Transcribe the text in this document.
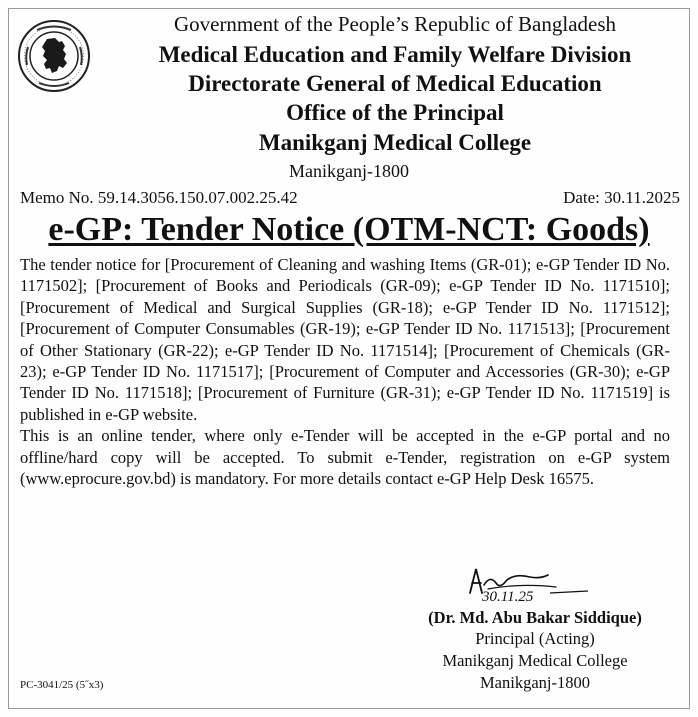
Government of the People’s Republic of Bangladesh
Medical Education and Family Welfare Division
Directorate General of Medical Education
Office of the Principal
Manikganj Medical College
Manikganj-1800
Memo No. 59.14.3056.150.07.002.25.42	Date: 30.11.2025
e-GP: Tender Notice (OTM-NCT: Goods)

The tender notice for [Procurement of Cleaning and washing Items (GR-01); e-GP Tender ID No. 1171502]; [Procurement of Books and Periodicals (GR-09); e-GP Tender ID No. 1171510]; [Procurement of Medical and Surgical Supplies (GR-18); e-GP Tender ID No. 1171512]; [Procurement of Computer Consumables (GR-19); e-GP Tender ID No. 1171513]; [Procurement of Other Stationary (GR-22); e-GP Tender ID No. 1171514]; [Procurement of Chemicals (GR-23); e-GP Tender ID No. 1171517]; [Procurement of Computer and Accessories (GR-30); e-GP Tender ID No. 1171518]; [Procurement of Furniture (GR-31); e-GP Tender ID No. 1171519] is published in e-GP website.

This is an online tender, where only e-Tender will be accepted in the e-GP portal and no offline/hard copy will be accepted. To submit e-Tender, registration on e-GP system (www.eprocure.gov.bd) is mandatory. For more details contact e-GP Help Desk 16575.

30.11.25
(Dr. Md. Abu Bakar Siddique)
Principal (Acting)
Manikganj Medical College
Manikganj-1800
PC-3041/25 (5˝x3)
